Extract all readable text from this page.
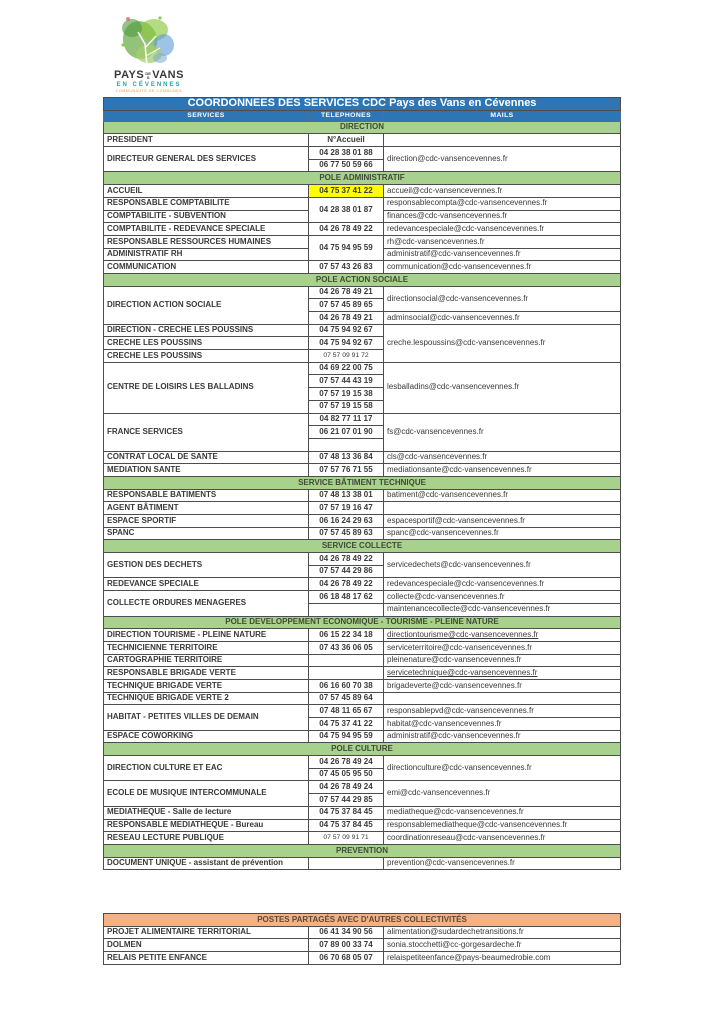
PAYS DES VANS
EN CÉVENNES
COMMUNAUTÉ DE COMMUNES
COORDONNEES DES SERVICES CDC Pays des Vans en Cévennes		
SERVICES	TELEPHONES	MAILS
DIRECTION		
PRESIDENT	N°Accueil	
DIRECTEUR GENERAL DES SERVICES	04 28 38 01 88	direction@cdc-vansencevennes.fr
	06 77 50 59 66	
POLE ADMINISTRATIF		
ACCUEIL	04 75 37 41 22	accueil@cdc-vansencevennes.fr
RESPONSABLE COMPTABILITE	04 28 38 01 87	responsablecompta@cdc-vansencevennes.fr
COMPTABILITE - SUBVENTION		finances@cdc-vansencevennes.fr
COMPTABILITE - REDEVANCE SPECIALE	04 26 78 49 22	redevancespeciale@cdc-vansencevennes.fr
RESPONSABLE RESSOURCES HUMAINES	04 75 94 95 59	rh@cdc-vansencevennes.fr
ADMINISTRATIF RH		administratif@cdc-vansencevennes.fr
COMMUNICATION	07 57 43 26 83	communication@cdc-vansencevennes.fr
POLE ACTION SOCIALE		
DIRECTION ACTION SOCIALE	04 26 78 49 21	directionsocial@cdc-vansencevennes.fr
	07 57 45 89 65	
	04 26 78 49 21	adminsocial@cdc-vansencevennes.fr
DIRECTION - CRECHE LES POUSSINS	04 75 94 92 67	creche.lespoussins@cdc-vansencevennes.fr
CRECHE LES POUSSINS	04 75 94 92 67	
CRECHE LES POUSSINS	07 57 09 91 72	
CENTRE DE LOISIRS LES BALLADINS	04 69 22 00 75	lesballadins@cdc-vansencevennes.fr
	07 57 44 43 19	
	07 57 19 15 38	
	07 57 19 15 58	
FRANCE SERVICES	04 82 77 11 17	fs@cdc-vansencevennes.fr
	06 21 07 01 90	

CONTRAT LOCAL DE SANTE	07 48 13 36 84	cls@cdc-vansencevennes.fr
MEDIATION SANTE	07 57 76 71 55	mediationsante@cdc-vansencevennes.fr
SERVICE BÂTIMENT TECHNIQUE		
RESPONSABLE BATIMENTS	07 48 13 38 01	batiment@cdc-vansencevennes.fr
AGENT BÂTIMENT	07 57 19 16 47	
ESPACE SPORTIF	06 16 24 29 63	espacesportif@cdc-vansencevennes.fr
SPANC	07 57 45 89 63	spanc@cdc-vansencevennes.fr
SERVICE COLLECTE		
GESTION DES DECHETS	04 26 78 49 22	servicedechets@cdc-vansencevennes.fr
	07 57 44 29 86	
REDEVANCE SPECIALE	04 26 78 49 22	redevancespeciale@cdc-vansencevennes.fr
COLLECTE ORDURES MENAGERES	06 18 48 17 62	collecte@cdc-vansencevennes.fr
		maintenancecollecte@cdc-vansencevennes.fr
POLE DEVELOPPEMENT ECONOMIQUE - TOURISME - PLEINE NATURE		
DIRECTION TOURISME - PLEINE NATURE	06 15 22 34 18	directiontourisme@cdc-vansencevennes.fr
TECHNICIENNE TERRITOIRE	07 43 36 06 05	serviceterritoire@cdc-vansencevennes.fr
CARTOGRAPHIE TERRITOIRE		pleinenature@cdc-vansencevennes.fr
RESPONSABLE BRIGADE VERTE		servicetechnique@cdc-vansencevennes.fr
TECHNIQUE BRIGADE VERTE	06 16 60 70 38	brigadeverte@cdc-vansencevennes.fr
TECHNIQUE BRIGADE VERTE 2	07 57 45 89 64	
HABITAT - PETITES VILLES DE DEMAIN	07 48 11 65 67	responsablepvd@cdc-vansencevennes.fr
	04 75 37 41 22	habitat@cdc-vansencevennes.fr
ESPACE COWORKING	04 75 94 95 59	administratif@cdc-vansencevennes.fr
POLE CULTURE		
DIRECTION CULTURE ET EAC	04 26 78 49 24	directionculture@cdc-vansencevennes.fr
	07 45 05 95 50	
ECOLE DE MUSIQUE INTERCOMMUNALE	04 26 78 49 24	emi@cdc-vansencevennes.fr
	07 57 44 29 85	
MEDIATHEQUE - Salle de lecture	04 75 37 84 45	mediatheque@cdc-vansencevennes.fr
RESPONSABLE MEDIATHEQUE - Bureau	04 75 37 84 45	responsablemediatheque@cdc-vansencevennes.fr
RESEAU LECTURE PUBLIQUE	07 57 09 91 71	coordinationreseau@cdc-vansencevennes.fr
PREVENTION		
DOCUMENT UNIQUE - assistant de prévention		prevention@cdc-vansencevennes.fr
POSTES PARTAGÉS AVEC D'AUTRES COLLECTIVITÉS		
PROJET ALIMENTAIRE TERRITORIAL	06 41 34 90 56	alimentation@sudardechetransitions.fr
DOLMEN	07 89 00 33 74	sonia.stocchetti@cc-gorgesardeche.fr
RELAIS PETITE ENFANCE	06 70 68 05 07	relaispetiteenfance@pays-beaumedrobie.com
